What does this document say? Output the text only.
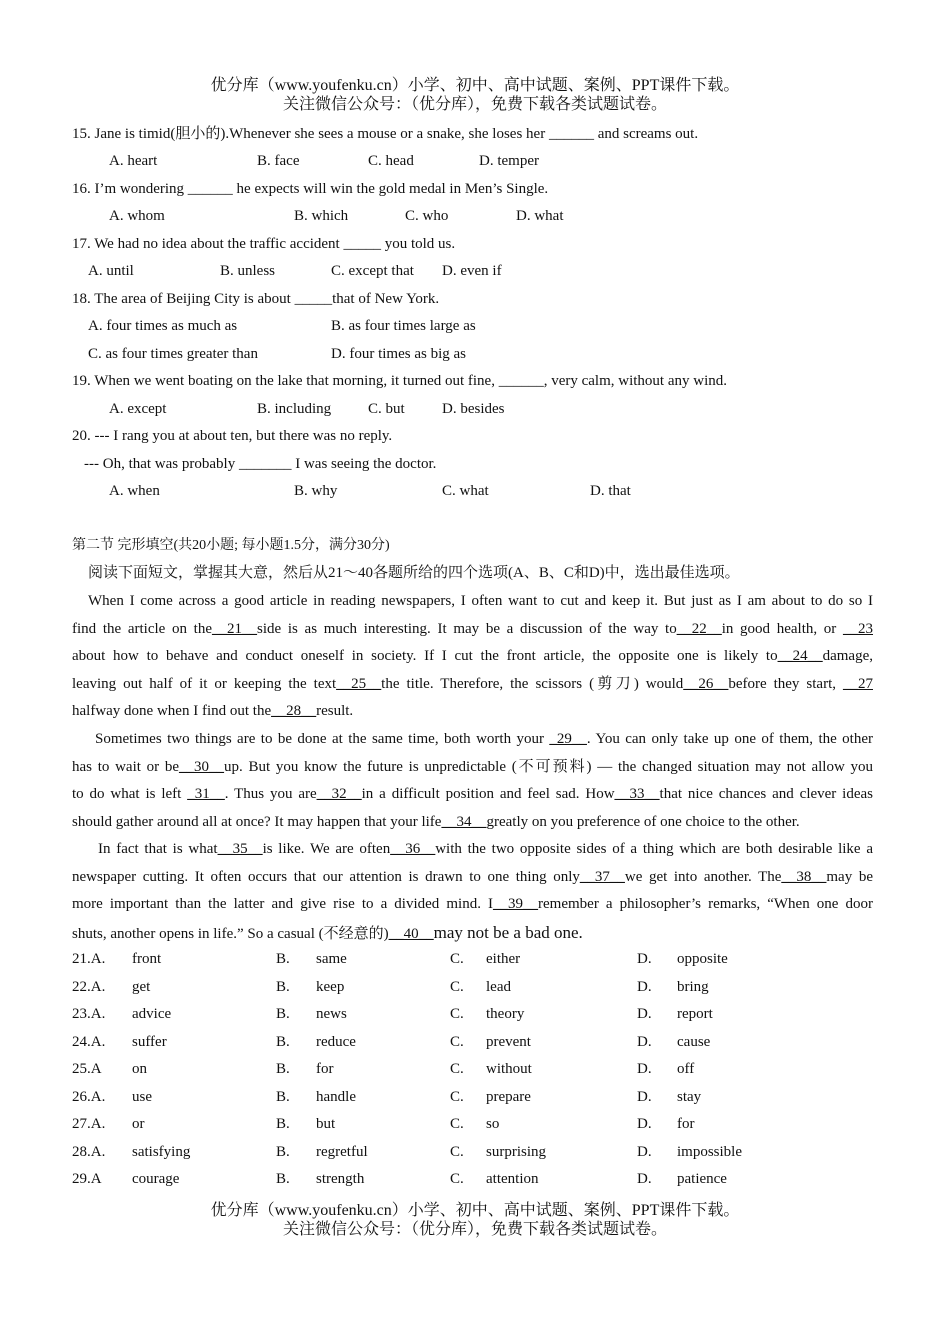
优分库（www.youfenku.cn）小学、初中、高中试题、案例、PPT课件下载。
关注微信公众号：（优分库），免费下载各类试题试卷。
15. Jane is timid(胆小的).Whenever she sees a mouse or a snake, she loses her ______ and screams out.
A. heart	B. face	C. head	D. temper
16. I’m wondering ______ he expects will win the gold medal in Men’s Single.
A. whom	B. which	C. who	D. what
17. We had no idea about the traffic accident _____ you told us.
A. until	B. unless	C. except that D. even if
18. The area of Beijing City is about _____that of New York.
A. four times as much as	B. as four times large as
C. as four times greater than	D. four times as big as
19. When we went boating on the lake that morning, it turned out fine, ______, very calm, without any wind.
A. except	B. including C. but D. besides
20. --- I rang you at about ten, but there was no reply.
--- Oh, that was probably _______ I was seeing the doctor.
A. when	B. why	C. what	D. that
第二节 完形填空(共20小题; 每小题1.5分，满分30分)
阅读下面短文，掌握其大意，然后从21～40各题所给的四个选项(A、B、C和D)中，选出最佳选项。
When I come across a good article in reading newspapers, I often want to cut and keep it. But just as I am about to do so I
find the article on the__21__side is as much interesting. It may be a discussion of the way to__22__in good health, or __23
about how to behave and conduct oneself in society. If I cut the front article, the opposite one is likely to__24__damage,
leaving out half of it or keeping the text__25__the title. Therefore, the scissors (剪刀) would__26__before they start, __27
halfway done when I find out the__28__result.
Sometimes two things are to be done at the same time, both worth your _29__. You can only take up one of them, the other
has to wait or be__30__up. But you know the future is unpredictable (不可预料) — the changed situation may not allow you
to do what is left _31__. Thus you are__32__in a difficult position and feel sad. How__33__that nice chances and clever ideas
should gather around all at once? It may happen that your life__34__greatly on you preference of one choice to the other.
In fact that is what__35__is like. We are often__36__with the two opposite sides of a thing which are both desirable like a
newspaper cutting. It often occurs that our attention is drawn to one thing only__37__we get into another. The__38__may be
more important than the latter and give rise to a divided mind. I__39__remember a philosopher’s remarks, “When one door
shuts, another opens in life.” So a casual (不经意的)__40__may not be a bad one.
21.A. front	B. same	C. either	D. opposite
22.A. get	B. keep	C. lead	D. bring
23.A. advice	B. news	C. theory	D. report
24.A. suffer	B. reduce	C. prevent	D. cause
25.A on	B. for	C. without	D. off
26.A. use	B. handle	C. prepare	D. stay
27.A. or	B. but	C. so	D. for
28.A. satisfying	B. regretful	C. surprising	D. impossible
29.A courage	B. strength	C. attention	D. patience
优分库（www.youfenku.cn）小学、初中、高中试题、案例、PPT课件下载。
关注微信公众号：（优分库），免费下载各类试题试卷。
